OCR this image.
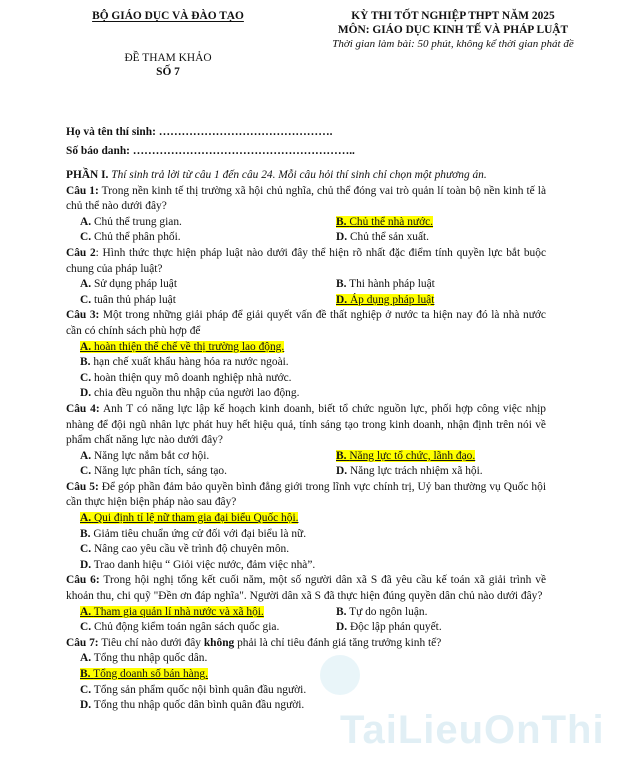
BỘ GIÁO DỤC VÀ ĐÀO TẠO
ĐỀ THAM KHẢO
SỐ 7
KỲ THI TỐT NGHIỆP THPT NĂM 2025
MÔN: GIÁO DỤC KINH TẾ VÀ PHÁP LUẬT
Thời gian làm bài: 50 phút, không kể thời gian phát đề
Họ và tên thí sinh: ……………………………………….
Số báo danh: …………………………………………………..
PHẦN I. Thí sinh trả lời từ câu 1 đến câu 24. Mỗi câu hỏi thí sinh chỉ chọn một phương án.
Câu 1: Trong nền kinh tế thị trường xã hội chủ nghĩa, chủ thể đóng vai trò quản lí toàn bộ nền kinh tế là chủ thể nào dưới đây?
A. Chủ thể trung gian.	B. Chủ thể nhà nước.
C. Chủ thể phân phối.	D. Chủ thể sản xuất.
Câu 2: Hình thức thực hiện pháp luật nào dưới đây thể hiện rõ nhất đặc điểm tính quyền lực bắt buộc chung của pháp luật?
A. Sử dụng pháp luật	B. Thi hành pháp luật
C. tuân thủ pháp luật	D. Áp dụng pháp luật
Câu 3: Một trong những giải pháp để giải quyết vấn đề thất nghiệp ở nước ta hiện nay đó là nhà nước cần có chính sách phù hợp để
A. hoàn thiện thể chế về thị trường lao động.
B. hạn chế xuất khẩu hàng hóa ra nước ngoài.
C. hoàn thiện quy mô doanh nghiệp nhà nước.
D. chia đều nguồn thu nhập của người lao động.
Câu 4: Anh T có năng lực lập kế hoạch kinh doanh, biết tổ chức nguồn lực, phối hợp công việc nhịp nhàng để đội ngũ nhân lực phát huy hết hiệu quả, tính sáng tạo trong kinh doanh, nhận định trên nói về phẩm chất năng lực nào dưới đây?
A. Năng lực nắm bắt cơ hội.	B. Năng lực tổ chức, lãnh đạo.
C. Năng lực phân tích, sáng tạo.	D. Năng lực trách nhiệm xã hội.
Câu 5: Để góp phần đảm bảo quyền bình đẳng giới trong lĩnh vực chính trị, Uỷ ban thường vụ Quốc hội cần thực hiện biện pháp nào sau đây?
A. Qui định tỉ lệ nữ tham gia đại biểu Quốc hội.
B. Giảm tiêu chuẩn ứng cử đối với đại biểu là nữ.
C. Nâng cao yêu cầu về trình độ chuyên môn.
D. Trao danh hiệu “ Giỏi việc nước, đảm việc nhà”.
Câu 6: Trong hội nghị tổng kết cuối năm, một số người dân xã S đã yêu cầu kế toán xã giải trình về khoản thu, chi quỹ "Đền ơn đáp nghĩa". Người dân xã S đã thực hiện đúng quyền dân chủ nào dưới đây?
A. Tham gia quản lí nhà nước và xã hội.	B. Tự do ngôn luận.
C. Chủ động kiểm toán ngân sách quốc gia.	D. Độc lập phán quyết.
Câu 7: Tiêu chí nào dưới đây không phải là chỉ tiêu đánh giá tăng trưởng kinh tế?
A. Tổng thu nhập quốc dân.
B. Tổng doanh số bán hàng.
C. Tổng sản phẩm quốc nội bình quân đầu người.
D. Tổng thu nhập quốc dân bình quân đầu người.
TaiLieuOnThi
